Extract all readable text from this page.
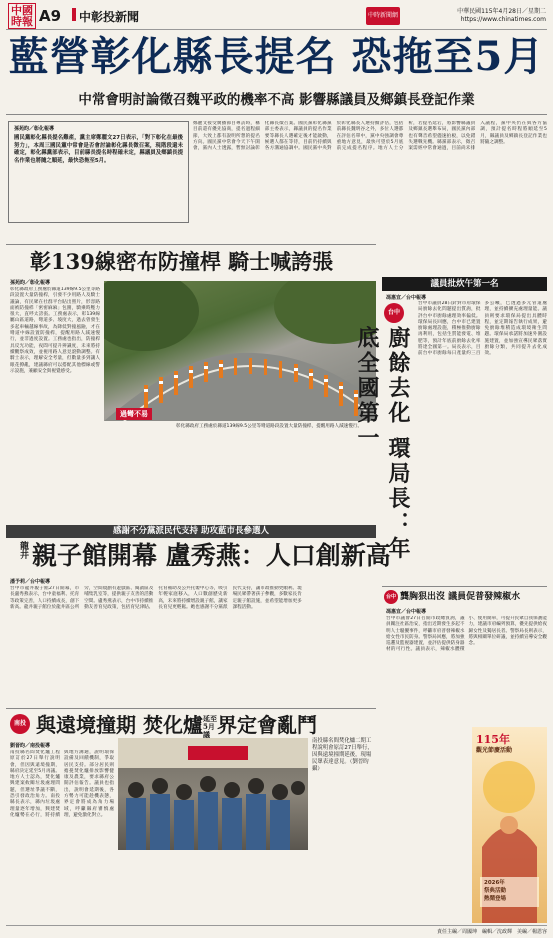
中國時報 A9 中彰投新聞	中時新聞網
中華民國115年4月28日／星期二
https://www.chinatimes.com
藍營彰化縣長提名 恐拖至5月
中常會明討論徵召魏平政的機率不高 影響縣議員及鄉鎮長登記作業
孫苑昀／彰化報導
國民黨彰化縣長提名難產，黨主席鄭麗文27日表示，「對下彰化在最後努力」，本周三國民黨中常會是否會討論彰化縣長徵召案，現階段還未確定，彰化縣黨部表示，目前縣長提名時程確未定，縣議員及鄉鎮長提名作業也將隨之順延，最快恐拖至5月。
鄭麗文接受廣播節目專訪時，稱目前還有優先協商，提名過程細節，大致上都有說明所想的提名方向。國民黨中常會今天下午開會，黨內人士透露，暫無討論彰化縣長徵召案。國民黨彰化縣黨部主委表示，縣議員的提名作業要等縣長人選確定後才能啟動，候選人都在等待，目前仍持續與各方溝通協調中。國民黨中央對於彰化縣長人選持續評估，包括前縣長魏明谷之外，多位人選都在評估名單中，黨中央強調會尊重地方意見，最快可望於5月底前完成提名程序。地方人士分析，若提名延宕，將影響縣議員及鄉鎮長選舉布局，國民黨內部也有聲音希望儘速拍板，以免錯失選戰先機。縣黨部表示，徵召案需經中常會通過，目前尚未排入議程，黨中央仍在與各方協調，預計提名時程將順延至5月，縣議員及鄉鎮長登記作業也將隨之調整。
彰139線密布防撞桿 騎士喊誇張
孫苑昀／彰化報導
彰化縣政府工務處於縣道139線9.5公里等路段設置大量防撞桿，引發不少用路人及騎士議論，有民眾在社群平台貼出照片，形容路面被防撞桿「密密麻麻」包圍，騎乘時壓力很大，直呼太誇張。工務處表示，彰139線屬山區道路，彎道多、坡度大，過去曾發生多起車輛越線事故，為降低對撞風險，才在彎道中線設置防撞桿，提醒用路人減速慢行，並非過度設置。工務處也指出，防撞桿具反光功能，夜間可提升辨識度，未來將持續觀察成效，並視用路人意見滾動調整。有騎士表示，理解安全考量，但數量多到讓人眼花撩亂，建議縣府可以搭配其他標線或警示設施，兼顧安全與視覺感受。
過彎不易
彰化縣政府工務處於縣道139線9.5公里等彎道路段設置大量防撞桿，提醒用路人減速慢行。
感謝不分黨派民代支持 助攻藍市長參選人
龍井 親子館開幕 盧秀燕：人口創新高
潘予莉／台中報導
台中市龍井親子館27日開幕，市長盧秀燕表示，台中童福利、托育等政策完善，人口持續成長，創下新高。龍井親子館位於龍井區公所旁，空間規劃有遊戲區、閱讀區及哺集乳室等，提供親子友善的活動空間。盧秀燕表示，台中市持續推動友善育兒政策，包括育兒津貼、托育補助及公共托嬰中心等，吸引年輕家庭移入，人口數創歷史新高，未來將持續增設親子館，讓家長育兒更輕鬆。她也感謝不分黨派民代支持，讓市政推動更順利。現場民眾帶著孩子參觀，多數家長肯定親子館設施，並希望能增加更多課程活動。
南投 與遠境撞期 焚化爐延至5月議 界定會亂鬥
劉晉昀／南投報導
南投縣名間焚化爐工程原訂於27日舉行說明會，但因與遠境撞期，縣府決定延至5月再議。地方人士認為，焚化爐興建案攸關垃圾處理問題，但選址爭議不斷，恐引發政治角力。南投縣長表示，縣內垃圾處理量逐年增加，興建焚化爐勢在必行，將持續與地方溝通，說明環保設備及回饋機制，爭取居民支持。部分居民則擔憂焚化爐排放影響健康及農業，要求縣府公開評估報告。議員也指出，說明會延期後，各方勢力可能趁機表態，界定會將成為角力場域，呼籲縣府審慎處理，避免激化對立。
南投縣名間焚化爐二期工程說明會原訂27日舉行，因與遠境撞期延後，現場民眾表達意見。（劉晉昀攝）
議員批炊午第一名
馮惠宜／台中報導
台中
廚餘去化 環局長：年底全國第一
台中市議員28日針對市府環保局廚餘去化問題提出質詢，批評台中市廚餘處理效率偏低。環保局長回應，台中市已建置廚餘處理設施，積極推動廚餘再利用，包括生質能發電、堆肥等，預計年底前廚餘去化率將達全國第一。局長表示，目前台中市廚餘每日產量約三百多公噸，已透過多元管道處理，並持續擴充處理量能。議員則要求環保局提出具體時程，並定期報告執行成果，避免廚餘堆積造成環境衛生問題。環保局承諾將加速外圍設施建置，並加強宣導民眾落實廚餘分類，共同提升去化成效。
台中 龔胸狠出沒 議員促普發辣椒水
馮惠宜／台中報導
台中市議會27日召開市政總質詢，議員關注社區治安，指出近期發生多起不明人士騷擾事件，呼籲市府普發辣椒水給女性市民防身。警察局回應，將加強巡邏及監視器建置，並評估提供防身器材的可行性。議員表示，辣椒水體積小、使用簡單，可提升民眾自我保護能力，建議市府編列預算，優先提供給夜歸女性及獨居長者。警察局長則表示，將與相關單位研議，並持續宣導安全觀念。
115年
觀光節慶活動
2026年
祭典活動
熱鬧登場
責任主編／周國坤　編輯／沈政輝　美編／楊恩容
